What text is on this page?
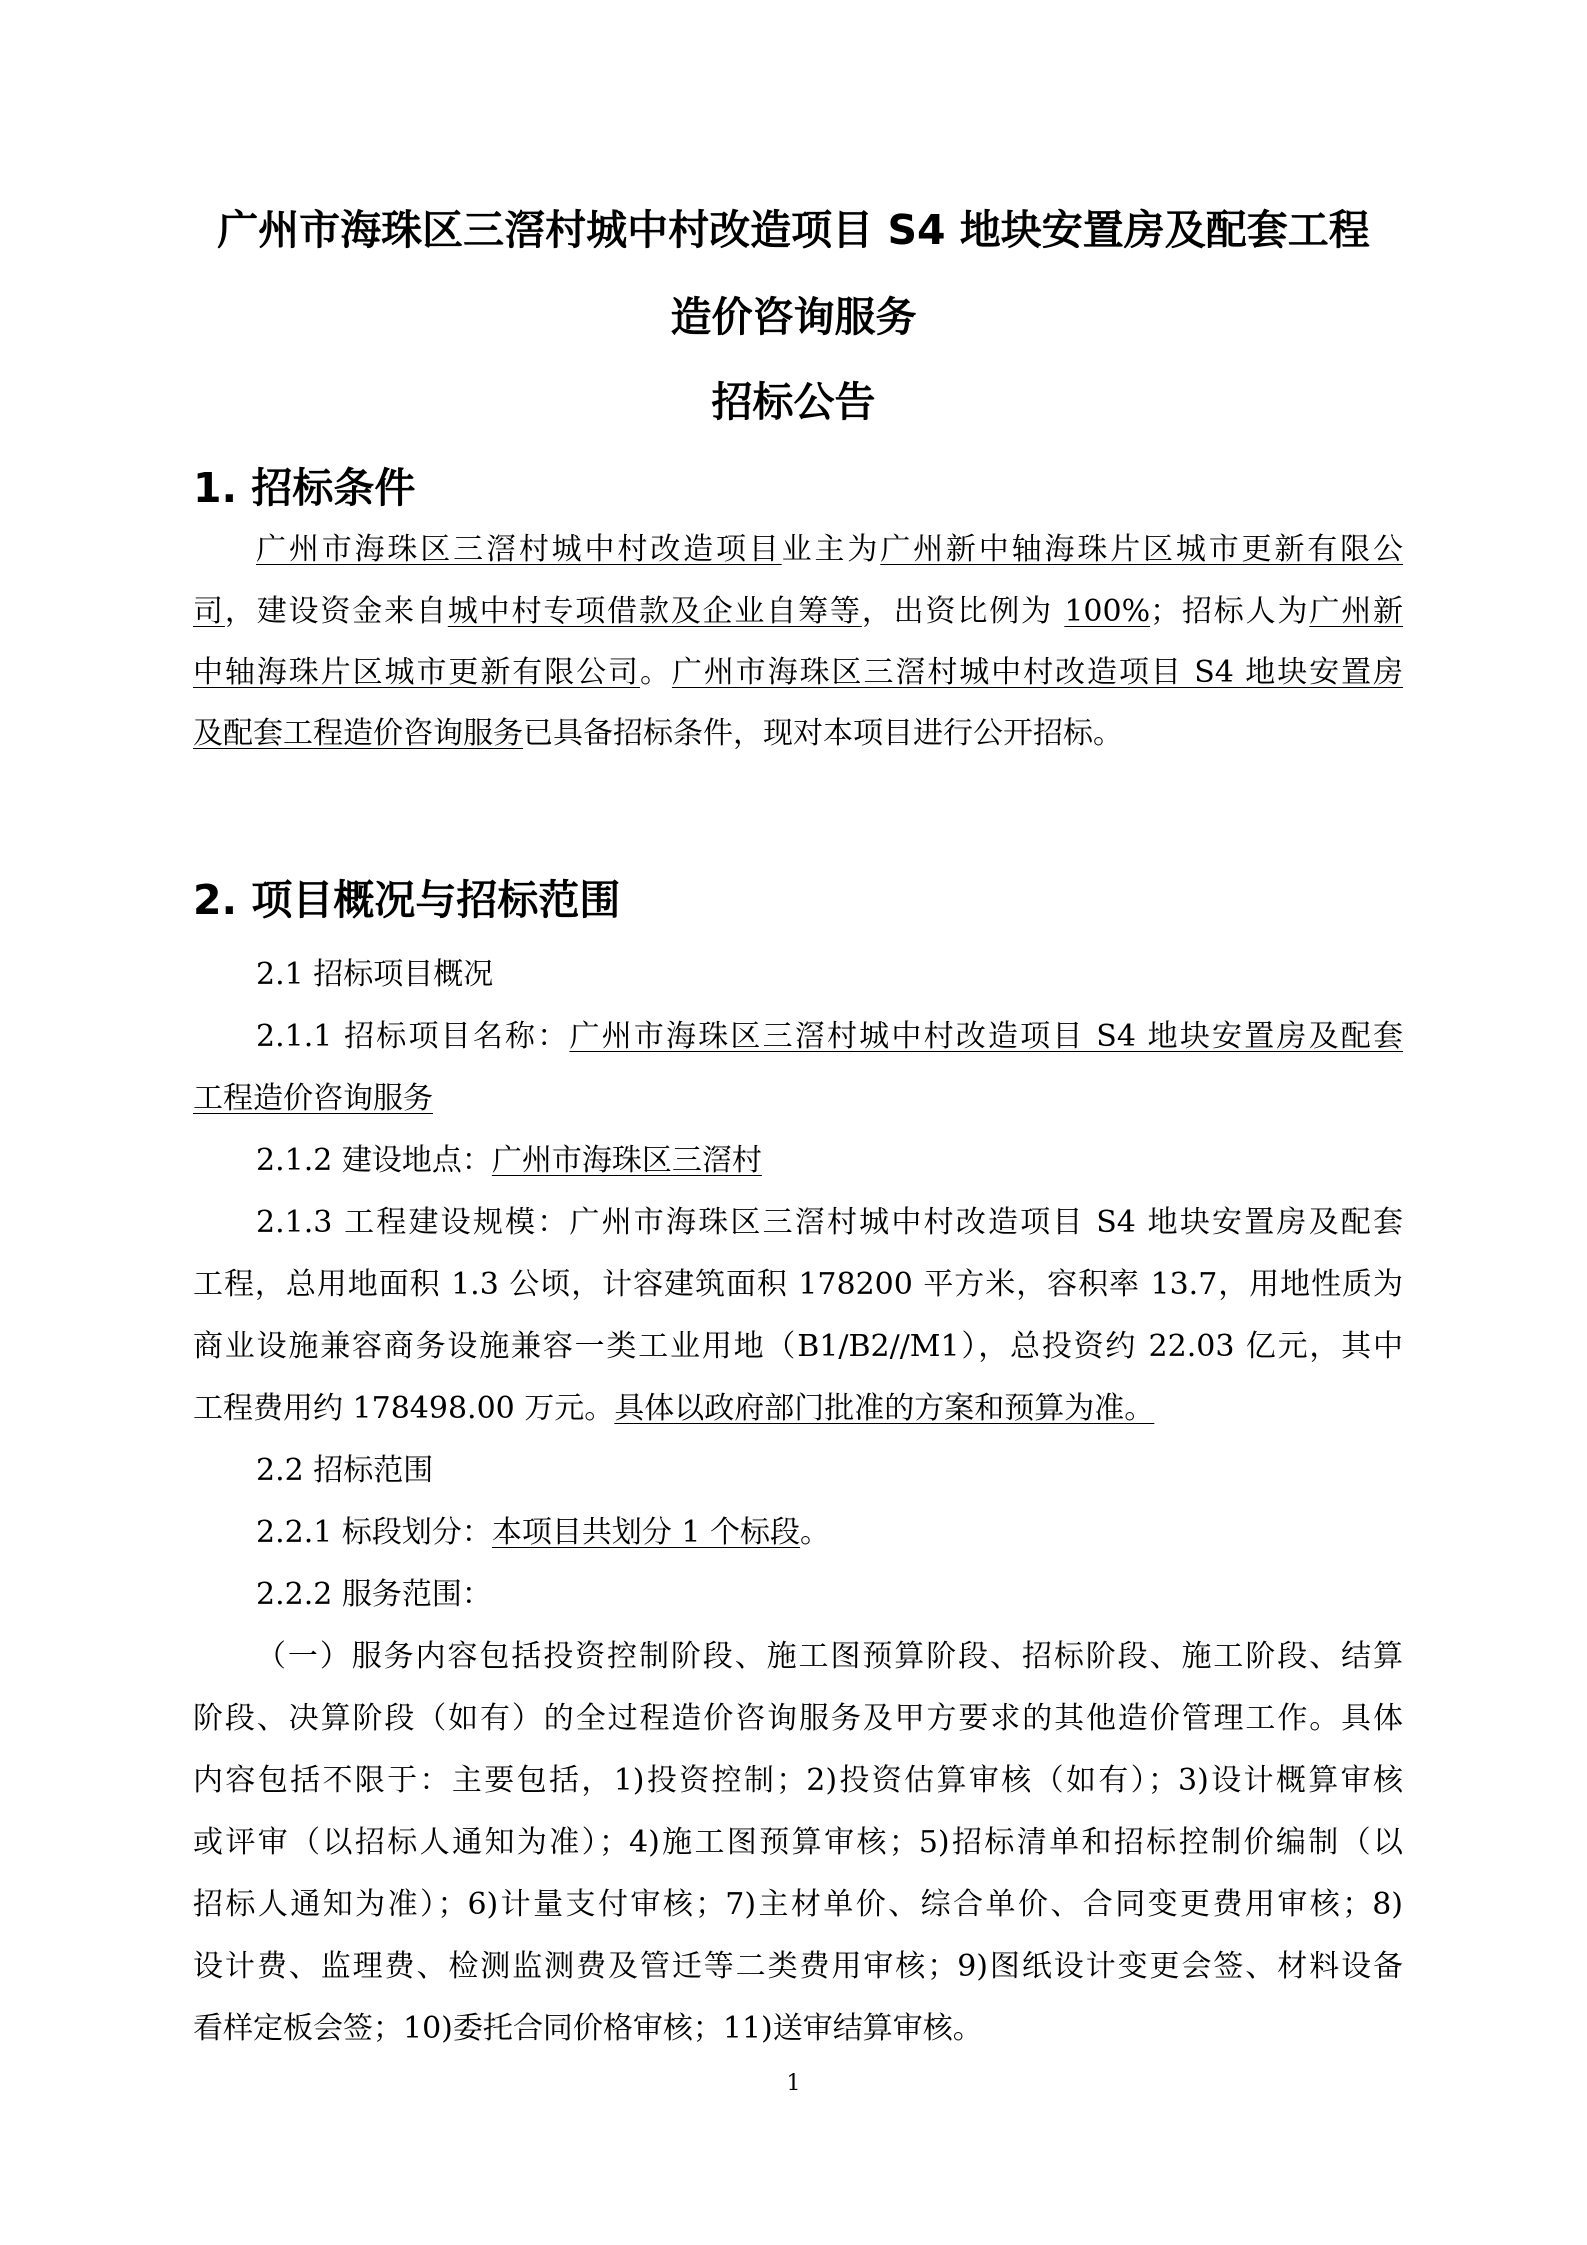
广州市海珠区三滘村城中村改造项目 S4 地块安置房及配套工程
造价咨询服务
招标公告
1. 招标条件
广州市海珠区三滘村城中村改造项目业主为广州新中轴海珠片区城市更新有限公
司，建设资金来自城中村专项借款及企业自筹等，出资比例为 100%；招标人为广州新
中轴海珠片区城市更新有限公司。广州市海珠区三滘村城中村改造项目 S4 地块安置房
及配套工程造价咨询服务已具备招标条件，现对本项目进行公开招标。
2. 项目概况与招标范围
2.1 招标项目概况
2.1.1 招标项目名称：广州市海珠区三滘村城中村改造项目 S4 地块安置房及配套
工程造价咨询服务
2.1.2 建设地点：广州市海珠区三滘村
2.1.3 工程建设规模：广州市海珠区三滘村城中村改造项目 S4 地块安置房及配套
工程，总用地面积 1.3 公顷，计容建筑面积 178200 平方米，容积率 13.7，用地性质为
商业设施兼容商务设施兼容一类工业用地（B1/B2//M1），总投资约 22.03 亿元，其中
工程费用约 178498.00 万元。具体以政府部门批准的方案和预算为准。
2.2 招标范围
2.2.1 标段划分：本项目共划分 1 个标段。
2.2.2 服务范围：
（一）服务内容包括投资控制阶段、施工图预算阶段、招标阶段、施工阶段、结算
阶段、决算阶段（如有）的全过程造价咨询服务及甲方要求的其他造价管理工作。具体
内容包括不限于：主要包括，1)投资控制；2)投资估算审核（如有）；3)设计概算审核
或评审（以招标人通知为准）；4)施工图预算审核；5)招标清单和招标控制价编制（以
招标人通知为准）；6)计量支付审核；7)主材单价、综合单价、合同变更费用审核；8)
设计费、监理费、检测监测费及管迁等二类费用审核；9)图纸设计变更会签、材料设备
看样定板会签；10)委托合同价格审核；11)送审结算审核。
1
